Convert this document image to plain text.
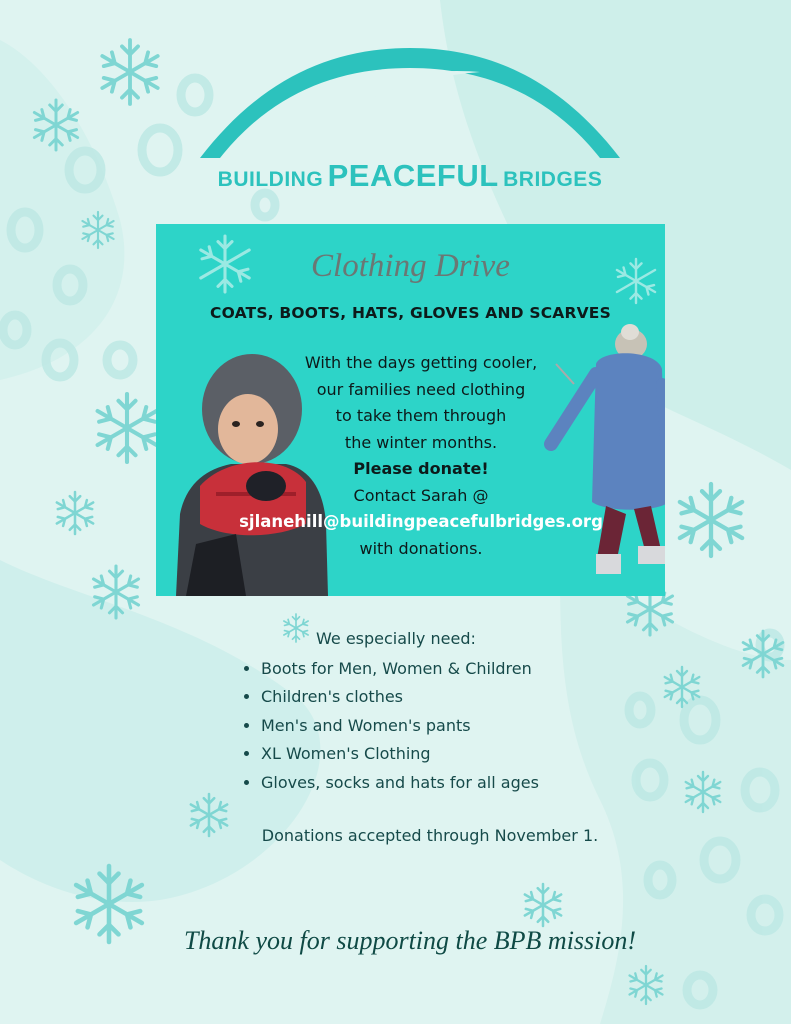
BUILDING PEACEFUL BRIDGES
Clothing Drive
COATS, BOOTS, HATS, GLOVES AND SCARVES
With the days getting cooler,
our families need clothing
to take them through
the winter months.
Please donate!
Contact Sarah @
sjlanehill@buildingpeacefulbridges.org
with donations.
We especially need:
• Boots for Men, Women & Children
• Children's clothes
• Men's and Women's pants
• XL Women's Clothing
• Gloves, socks and hats for all ages
Donations accepted through November 1.
Thank you for supporting the BPB mission!
